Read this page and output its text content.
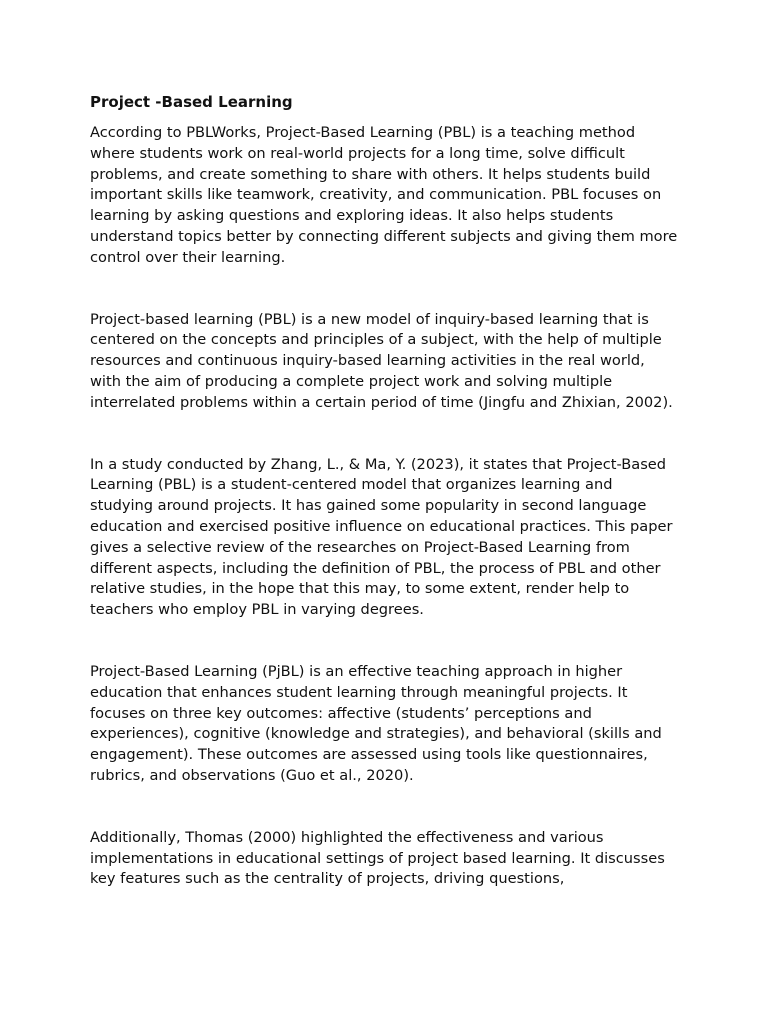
Project -Based Learning

According to PBLWorks, Project-Based Learning (PBL) is a teaching method where students work on real-world projects for a long time, solve difficult problems, and create something to share with others. It helps students build important skills like teamwork, creativity, and communication. PBL focuses on learning by asking questions and exploring ideas. It also helps students understand topics better by connecting different subjects and giving them more control over their learning.

Project-based learning (PBL) is a new model of inquiry-based learning that is centered on the concepts and principles of a subject, with the help of multiple resources and continuous inquiry-based learning activities in the real world, with the aim of producing a complete project work and solving multiple interrelated problems within a certain period of time (Jingfu and Zhixian, 2002).

In a study conducted by Zhang, L., & Ma, Y. (2023), it states that Project-Based Learning (PBL) is a student-centered model that organizes learning and studying around projects. It has gained some popularity in second language education and exercised positive influence on educational practices. This paper gives a selective review of the researches on Project-Based Learning from different aspects, including the definition of PBL, the process of PBL and other relative studies, in the hope that this may, to some extent, render help to teachers who employ PBL in varying degrees.

Project-Based Learning (PjBL) is an effective teaching approach in higher education that enhances student learning through meaningful projects. It focuses on three key outcomes: affective (students’ perceptions and experiences), cognitive (knowledge and strategies), and behavioral (skills and engagement). These outcomes are assessed using tools like questionnaires, rubrics, and observations (Guo et al., 2020).

Additionally, Thomas (2000) highlighted the effectiveness and various implementations in educational settings of project based learning. It discusses key features such as the centrality of projects, driving questions,
